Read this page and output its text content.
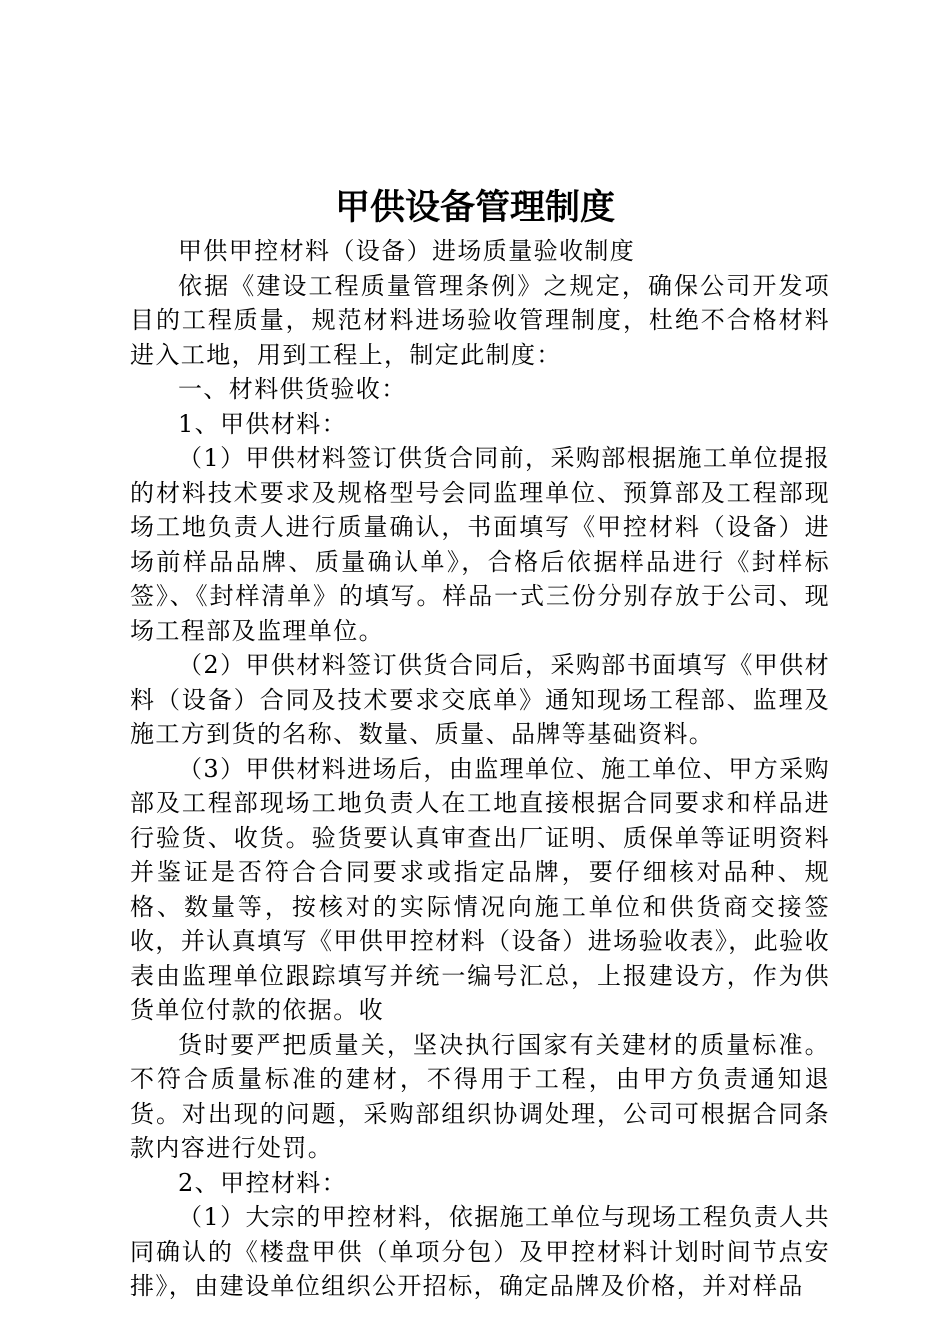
甲供设备管理制度

甲供甲控材料（设备）进场质量验收制度

依据《建设工程质量管理条例》之规定，确保公司开发项目的工程质量，规范材料进场验收管理制度，杜绝不合格材料进入工地，用到工程上，制定此制度：

一、材料供货验收：

1、甲供材料：

（1）甲供材料签订供货合同前，采购部根据施工单位提报的材料技术要求及规格型号会同监理单位、预算部及工程部现场工地负责人进行质量确认，书面填写《甲控材料（设备）进场前样品品牌、质量确认单》，合格后依据样品进行《封样标签》、《封样清单》的填写。样品一式三份分别存放于公司、现场工程部及监理单位。

（2）甲供材料签订供货合同后，采购部书面填写《甲供材料（设备）合同及技术要求交底单》通知现场工程部、监理及施工方到货的名称、数量、质量、品牌等基础资料。

（3）甲供材料进场后，由监理单位、施工单位、甲方采购部及工程部现场工地负责人在工地直接根据合同要求和样品进行验货、收货。验货要认真审查出厂证明、质保单等证明资料并鉴证是否符合合同要求或指定品牌，要仔细核对品种、规格、数量等，按核对的实际情况向施工单位和供货商交接签收，并认真填写《甲供甲控材料（设备）进场验收表》，此验收表由监理单位跟踪填写并统一编号汇总，上报建设方，作为供货单位付款的依据。收

货时要严把质量关，坚决执行国家有关建材的质量标准。不符合质量标准的建材，不得用于工程，由甲方负责通知退货。对出现的问题，采购部组织协调处理，公司可根据合同条款内容进行处罚。

2、甲控材料：

（1）大宗的甲控材料，依据施工单位与现场工程负责人共同确认的《楼盘甲供（单项分包）及甲控材料计划时间节点安排》，由建设单位组织公开招标，确定品牌及价格，并对样品
